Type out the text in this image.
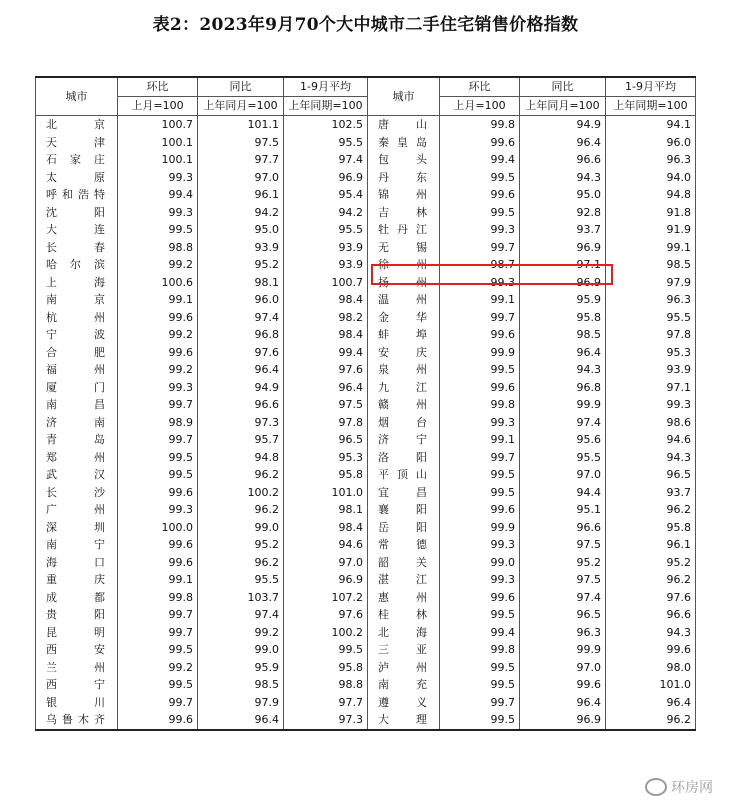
表2：2023年9月70个大中城市二手住宅销售价格指数
城市	环比	同比	1-9月平均	城市	环比	同比	1-9月平均
	上月=100	上年同月=100	上年同期=100		上月=100	上年同月=100	上年同期=100
北京	100.7	101.1	102.5	唐山	99.8	94.9	94.1
天津	100.1	97.5	95.5	秦皇岛	99.6	96.4	96.0
石家庄	100.1	97.7	97.4	包头	99.4	96.6	96.3
太原	99.3	97.0	96.9	丹东	99.5	94.3	94.0
呼和浩特	99.4	96.1	95.4	锦州	99.6	95.0	94.8
沈阳	99.3	94.2	94.2	吉林	99.5	92.8	91.8
大连	99.5	95.0	95.5	牡丹江	99.3	93.7	91.9
长春	98.8	93.9	93.9	无锡	99.7	96.9	99.1
哈尔滨	99.2	95.2	93.9	徐州	98.7	97.1	98.5
上海	100.6	98.1	100.7	扬州	99.3	96.9	97.9
南京	99.1	96.0	98.4	温州	99.1	95.9	96.3
杭州	99.6	97.4	98.2	金华	99.7	95.8	95.5
宁波	99.2	96.8	98.4	蚌埠	99.6	98.5	97.8
合肥	99.6	97.6	99.4	安庆	99.9	96.4	95.3
福州	99.2	96.4	97.6	泉州	99.5	94.3	93.9
厦门	99.3	94.9	96.4	九江	99.6	96.8	97.1
南昌	99.7	96.6	97.5	赣州	99.8	99.9	99.3
济南	98.9	97.3	97.8	烟台	99.3	97.4	98.6
青岛	99.7	95.7	96.5	济宁	99.1	95.6	94.6
郑州	99.5	94.8	95.3	洛阳	99.7	95.5	94.3
武汉	99.5	96.2	95.8	平顶山	99.5	97.0	96.5
长沙	99.6	100.2	101.0	宜昌	99.5	94.4	93.7
广州	99.3	96.2	98.1	襄阳	99.6	95.1	96.2
深圳	100.0	99.0	98.4	岳阳	99.9	96.6	95.8
南宁	99.6	95.2	94.6	常德	99.3	97.5	96.1
海口	99.6	96.2	97.0	韶关	99.0	95.2	95.2
重庆	99.1	95.5	96.9	湛江	99.3	97.5	96.2
成都	99.8	103.7	107.2	惠州	99.6	97.4	97.6
贵阳	99.7	97.4	97.6	桂林	99.5	96.5	96.6
昆明	99.7	99.2	100.2	北海	99.4	96.3	94.3
西安	99.5	99.0	99.5	三亚	99.8	99.9	99.6
兰州	99.2	95.9	95.8	泸州	99.5	97.0	98.0
西宁	99.5	98.5	98.8	南充	99.5	99.6	101.0
银川	99.7	97.9	97.7	遵义	99.7	96.4	96.4
乌鲁木齐	99.6	96.4	97.3	大理	99.5	96.9	96.2
环房网
